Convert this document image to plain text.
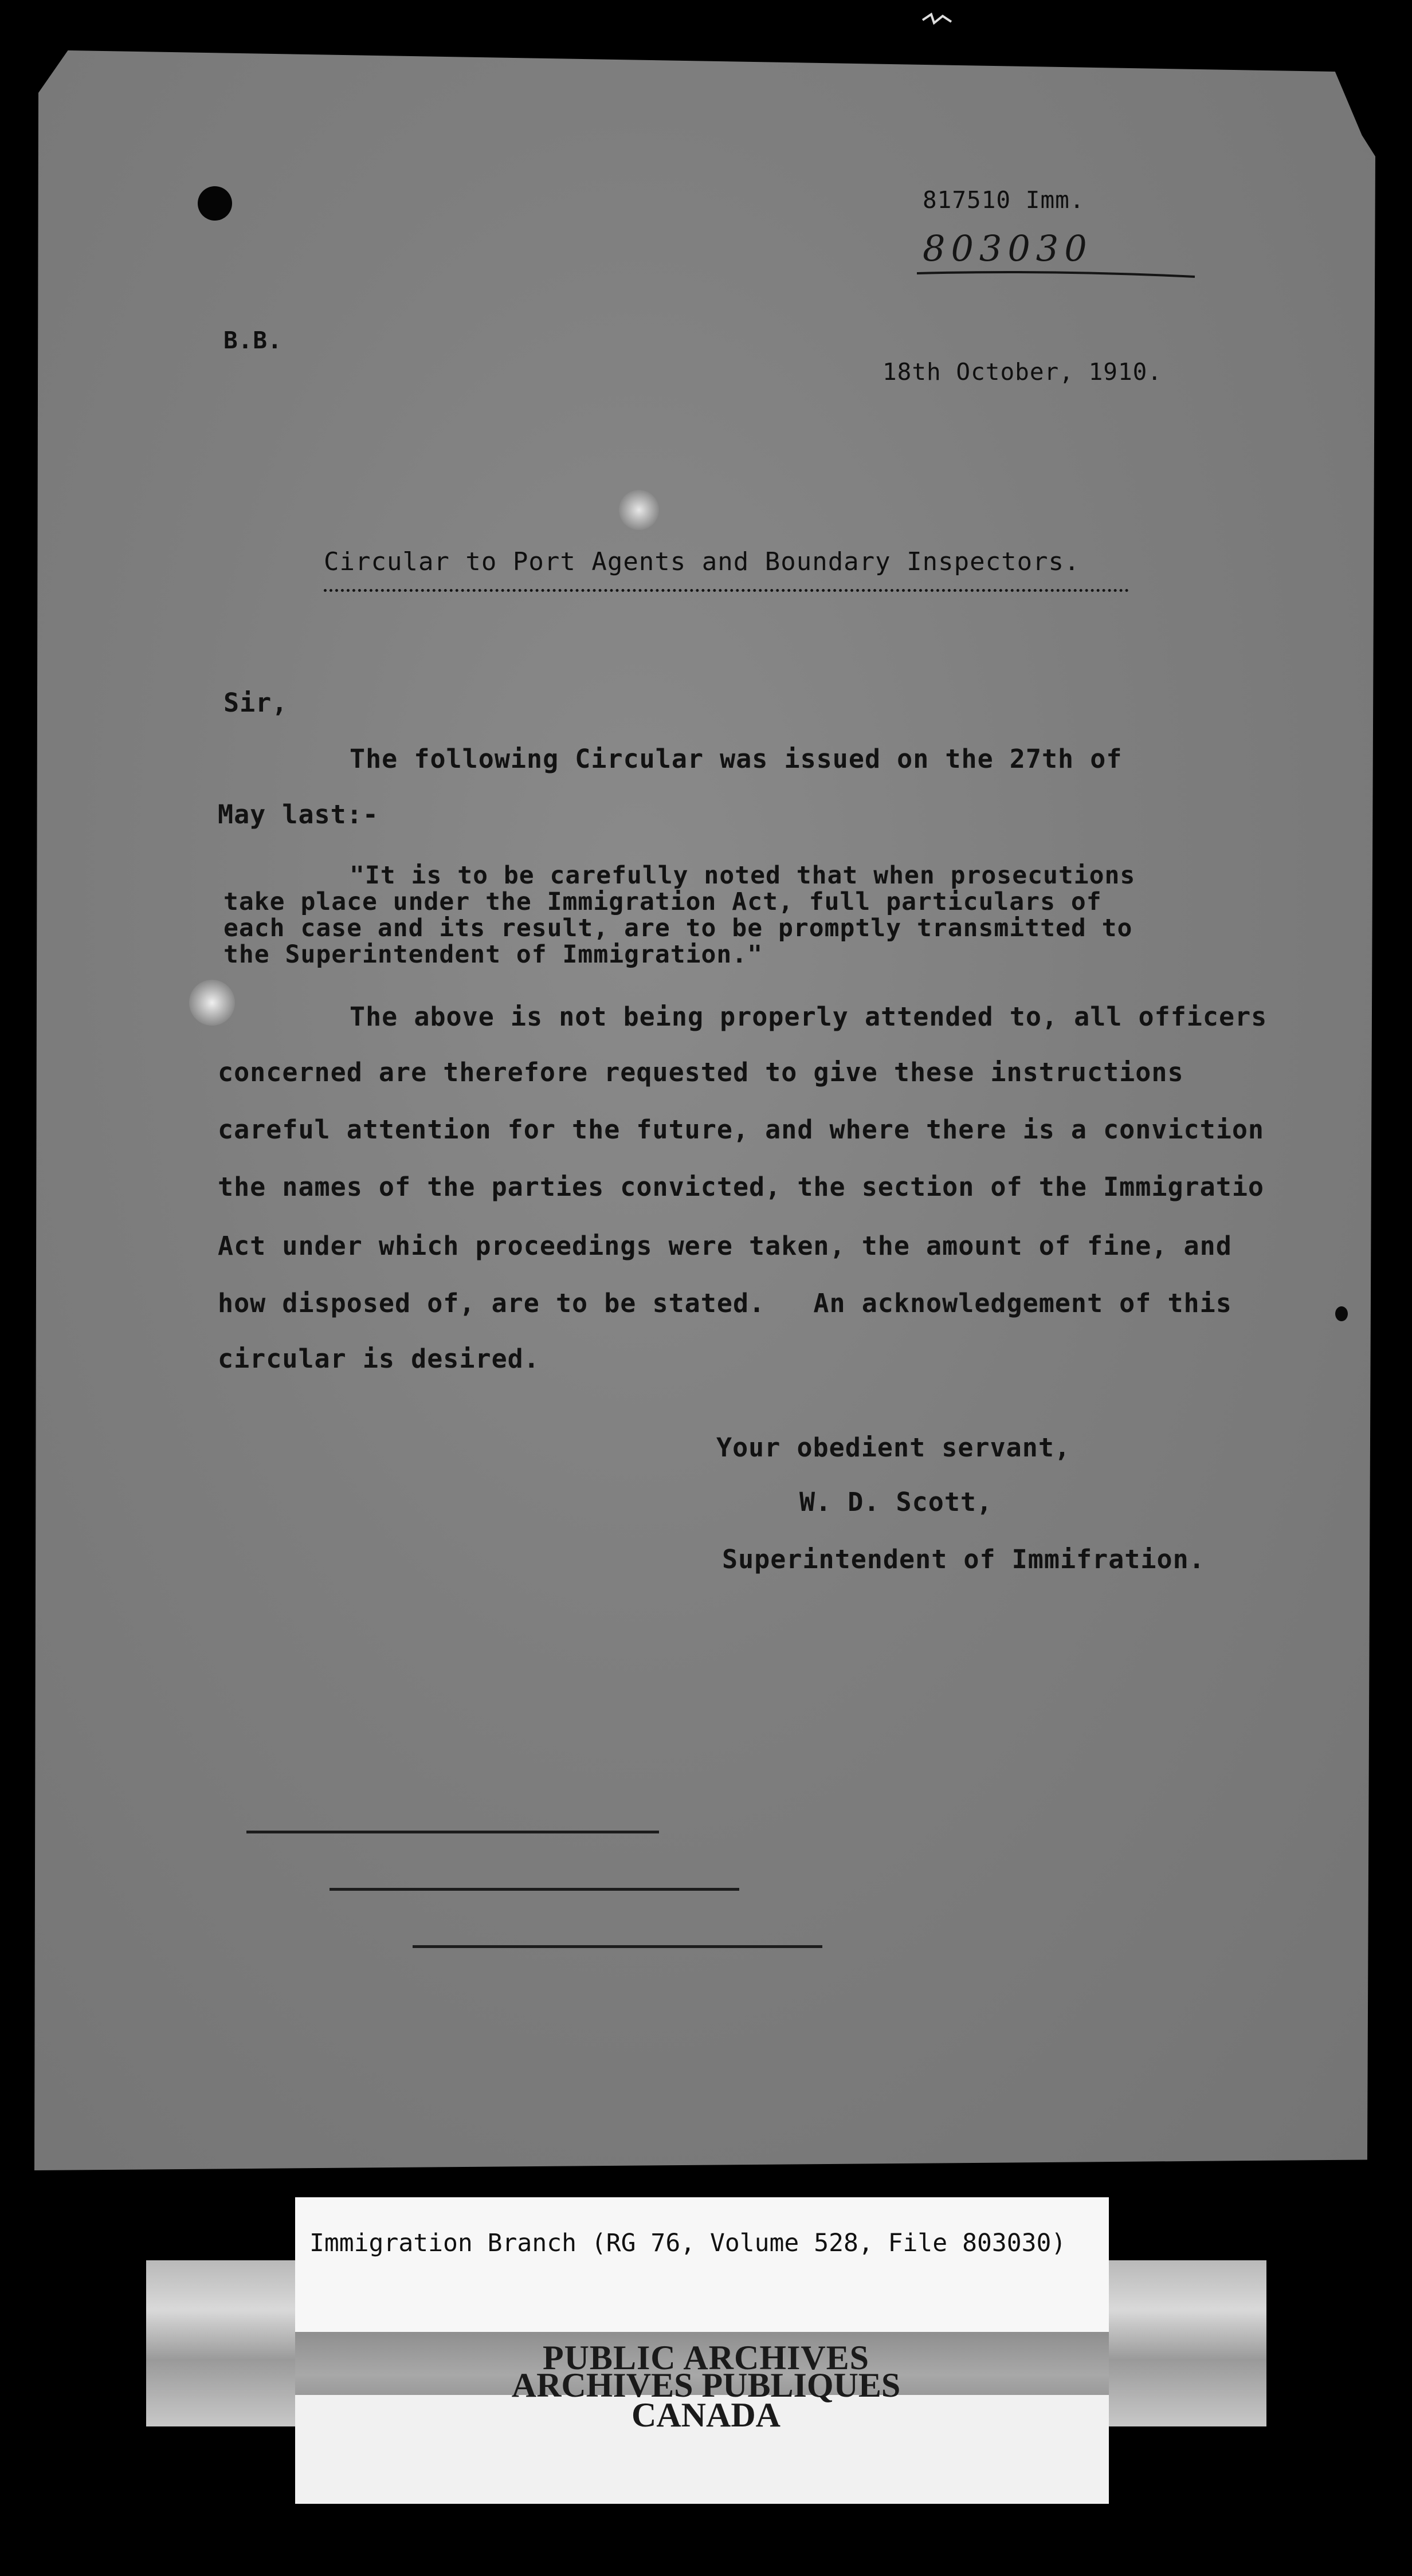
817510 Imm.
803030
B.B.
18th October, 1910.
Circular to Port Agents and Boundary Inspectors.
Sir,
The following Circular was issued on the 27th of
May last:-
"It is to be carefully noted that when prosecutions
take place under the Immigration Act, full particulars of
each case and its result, are to be promptly transmitted to
the Superintendent of Immigration."
The above is not being properly attended to, all officers
concerned are therefore requested to give these instructions
careful attention for the future, and where there is a conviction
the names of the parties convicted, the section of the Immigratio
Act under which proceedings were taken, the amount of fine, and
how disposed of, are to be stated.   An acknowledgement of this
circular is desired.
Your obedient servant,
W. D. Scott,
Superintendent of Immifration.
Immigration Branch (RG 76, Volume 528, File 803030)
PUBLIC ARCHIVES
ARCHIVES PUBLIQUES
CANADA
